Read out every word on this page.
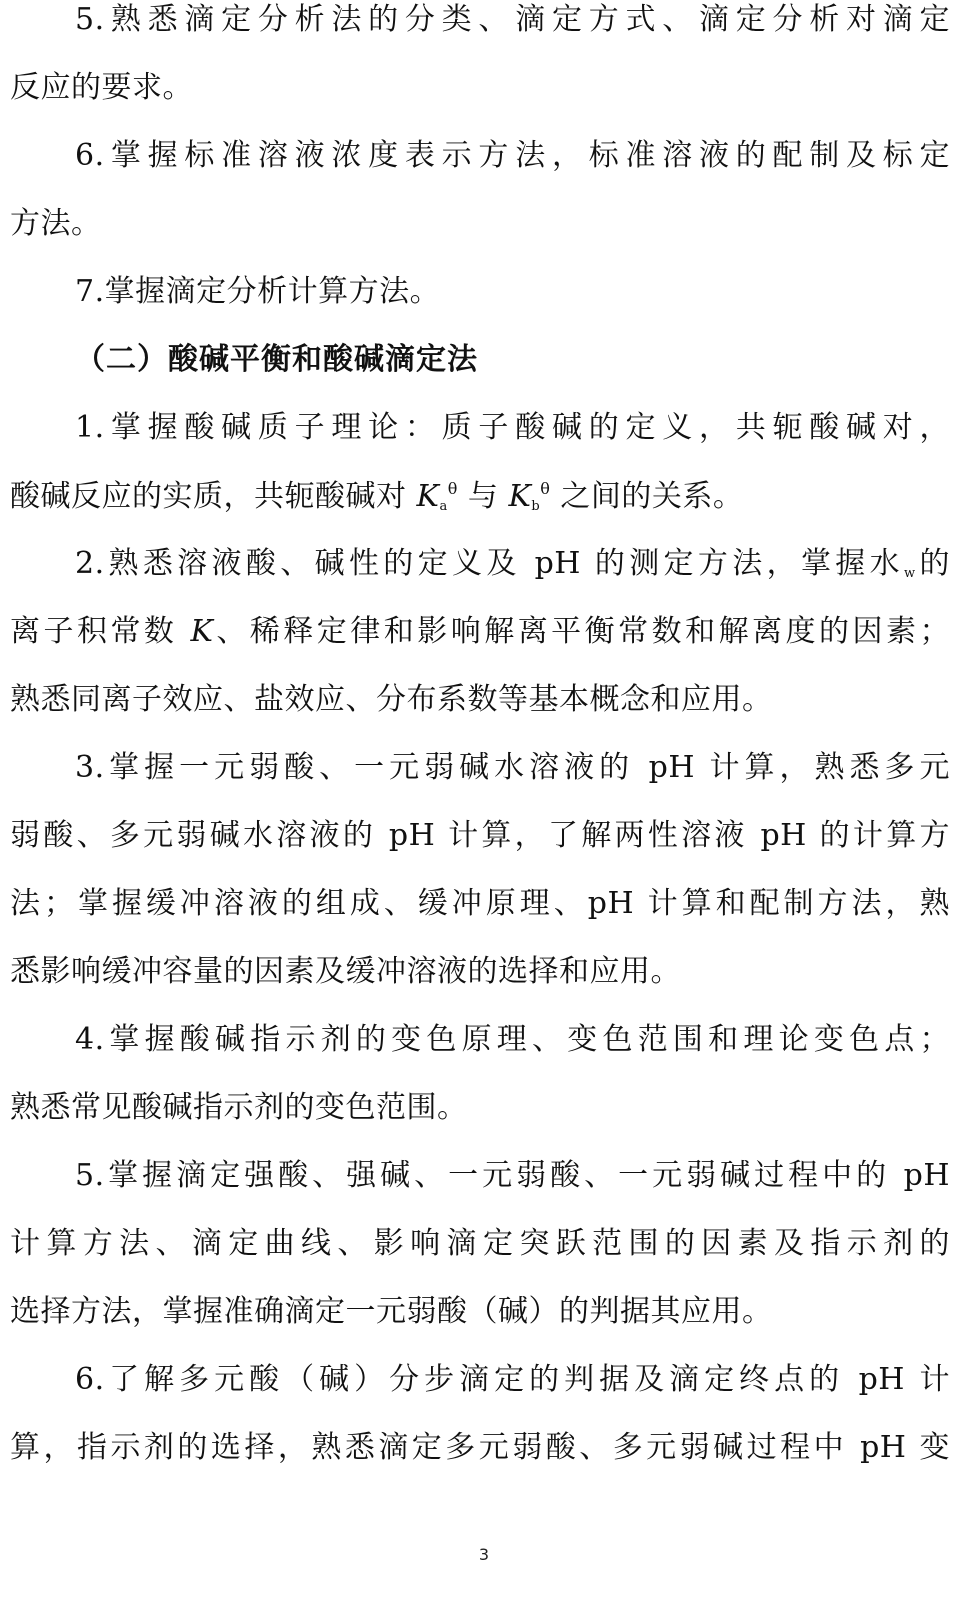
5.熟悉滴定分析法的分类、滴定方式、滴定分析对滴定
反应的要求。
6.掌握标准溶液浓度表示方法，标准溶液的配制及标定
方法。
7.掌握滴定分析计算方法。
（二）酸碱平衡和酸碱滴定法
1.掌握酸碱质子理论：质子酸碱的定义，共轭酸碱对，
酸碱反应的实质，共轭酸碱对 $K_a^\theta$ 与 $K_b^\theta$ 之间的关系。
2.熟悉溶液酸、碱性的定义及 pH 的测定方法，掌握水$_w$的
离子积常数 K、稀释定律和影响解离平衡常数和解离度的因素；
熟悉同离子效应、盐效应、分布系数等基本概念和应用。
3.掌握一元弱酸、一元弱碱水溶液的 pH 计算，熟悉多元
弱酸、多元弱碱水溶液的 pH 计算，了解两性溶液 pH 的计算方
法；掌握缓冲溶液的组成、缓冲原理、pH 计算和配制方法，熟
悉影响缓冲容量的因素及缓冲溶液的选择和应用。
4.掌握酸碱指示剂的变色原理、变色范围和理论变色点；
熟悉常见酸碱指示剂的变色范围。
5.掌握滴定强酸、强碱、一元弱酸、一元弱碱过程中的 pH
计算方法、滴定曲线、影响滴定突跃范围的因素及指示剂的
选择方法，掌握准确滴定一元弱酸（碱）的判据其应用。
6.了解多元酸（碱）分步滴定的判据及滴定终点的 pH 计
算，指示剂的选择，熟悉滴定多元弱酸、多元弱碱过程中 pH 变
3
